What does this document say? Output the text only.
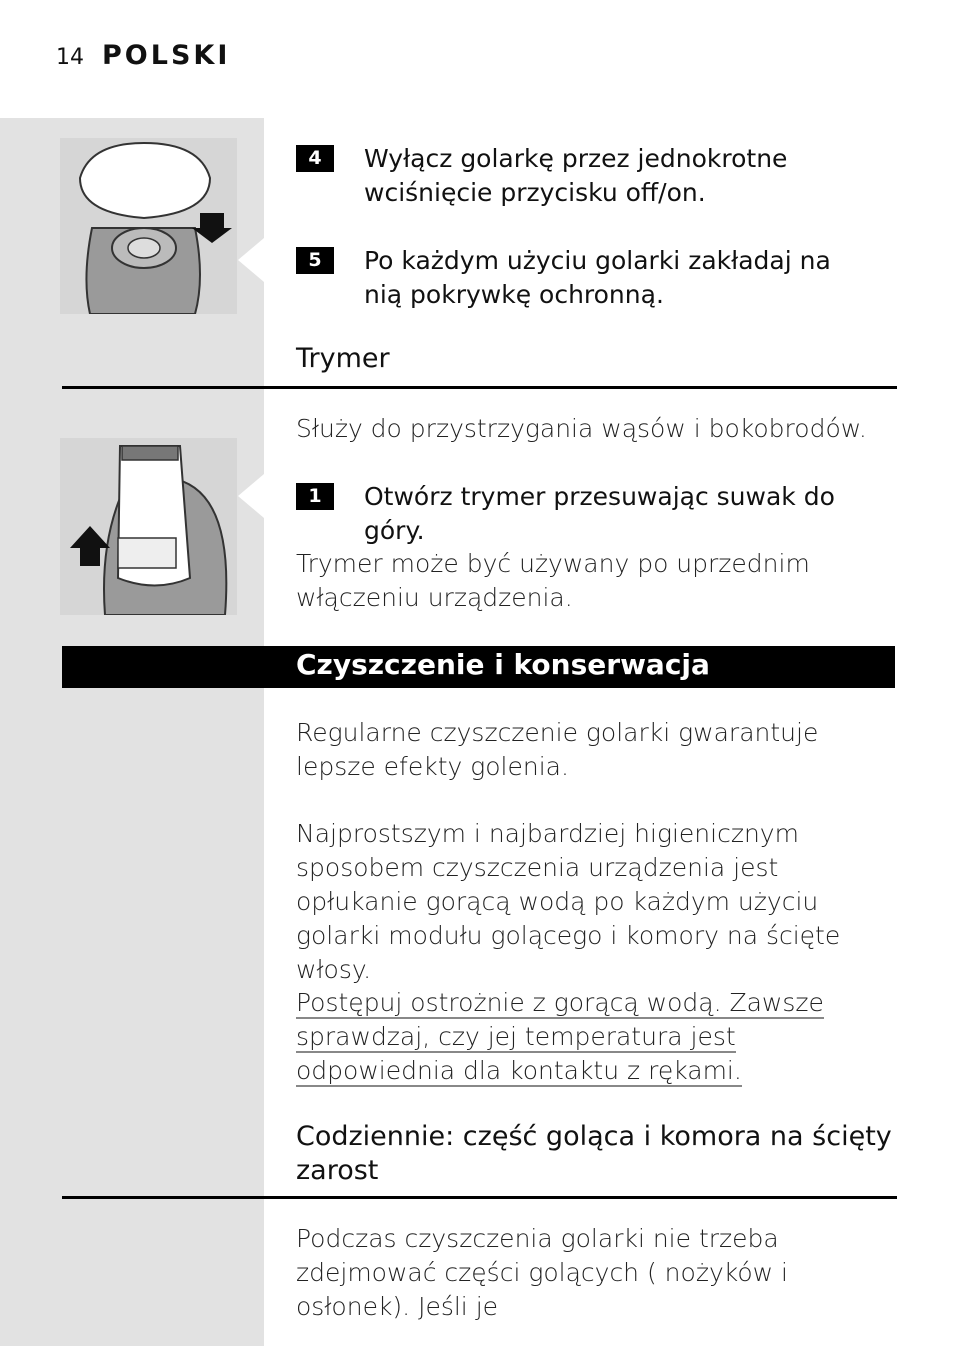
14 POLSKI
4	Wyłącz golarkę przez jednokrotne wciśnięcie przycisku off/on.
5	Po każdym użyciu golarki zakładaj na nią pokrywkę ochronną.
Trymer
Służy do przystrzygania wąsów i bokobrodów.
1	Otwórz trymer przesuwając suwak do góry.
Trymer może być używany po uprzednim włączeniu urządzenia.
Czyszczenie i konserwacja
Regularne czyszczenie golarki gwarantuje lepsze efekty golenia.
Najprostszym i najbardziej higienicznym sposobem czyszczenia urządzenia jest opłukanie gorącą wodą po każdym użyciu golarki modułu golącego i komory na ścięte włosy.
Postępuj ostrożnie z gorącą wodą. Zawsze sprawdzaj, czy jej temperatura jest odpowiednia dla kontaktu z rękami.
Codziennie: część goląca i komora na ścięty zarost
Podczas czyszczenia golarki nie trzeba zdejmować części golących ( nożyków i osłonek). Jeśli je
